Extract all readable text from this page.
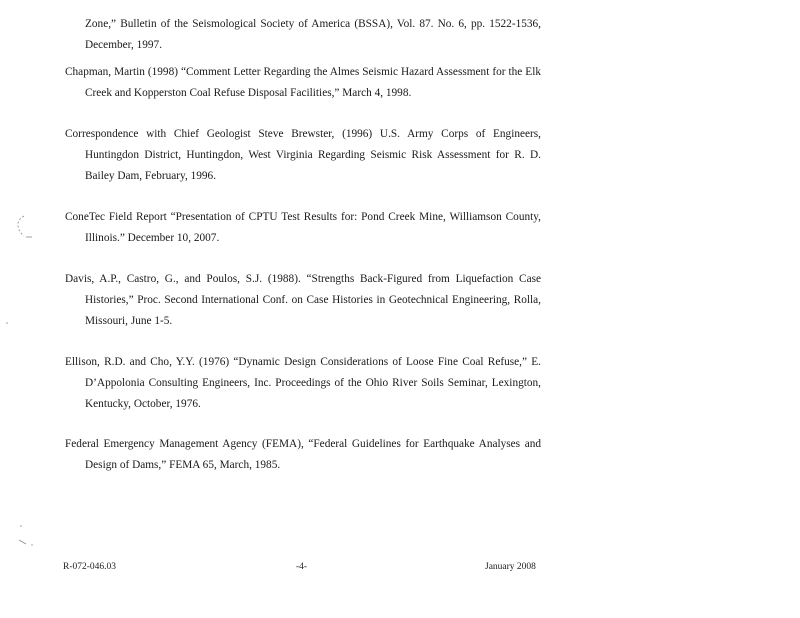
Zone,” Bulletin of the Seismological Society of America (BSSA), Vol. 87. No. 6, pp. 1522-1536, December, 1997.

Chapman, Martin (1998) “Comment Letter Regarding the Almes Seismic Hazard Assessment for the Elk Creek and Kopperston Coal Refuse Disposal Facilities,” March 4, 1998.

Correspondence with Chief Geologist Steve Brewster, (1996) U.S. Army Corps of Engineers, Huntingdon District, Huntingdon, West Virginia Regarding Seismic Risk Assessment for R. D. Bailey Dam, February, 1996.

ConeTec Field Report “Presentation of CPTU Test Results for: Pond Creek Mine, Williamson County, Illinois.” December 10, 2007.

Davis, A.P., Castro, G., and Poulos, S.J. (1988). “Strengths Back-Figured from Liquefaction Case Histories,” Proc. Second International Conf. on Case Histories in Geotechnical Engineering, Rolla, Missouri, June 1-5.

Ellison, R.D. and Cho, Y.Y. (1976) “Dynamic Design Considerations of Loose Fine Coal Refuse,” E. D’Appolonia Consulting Engineers, Inc. Proceedings of the Ohio River Soils Seminar, Lexington, Kentucky, October, 1976.

Federal Emergency Management Agency (FEMA), “Federal Guidelines for Earthquake Analyses and Design of Dams,” FEMA 65, March, 1985.

R-072-046.03	-4-	January 2008
